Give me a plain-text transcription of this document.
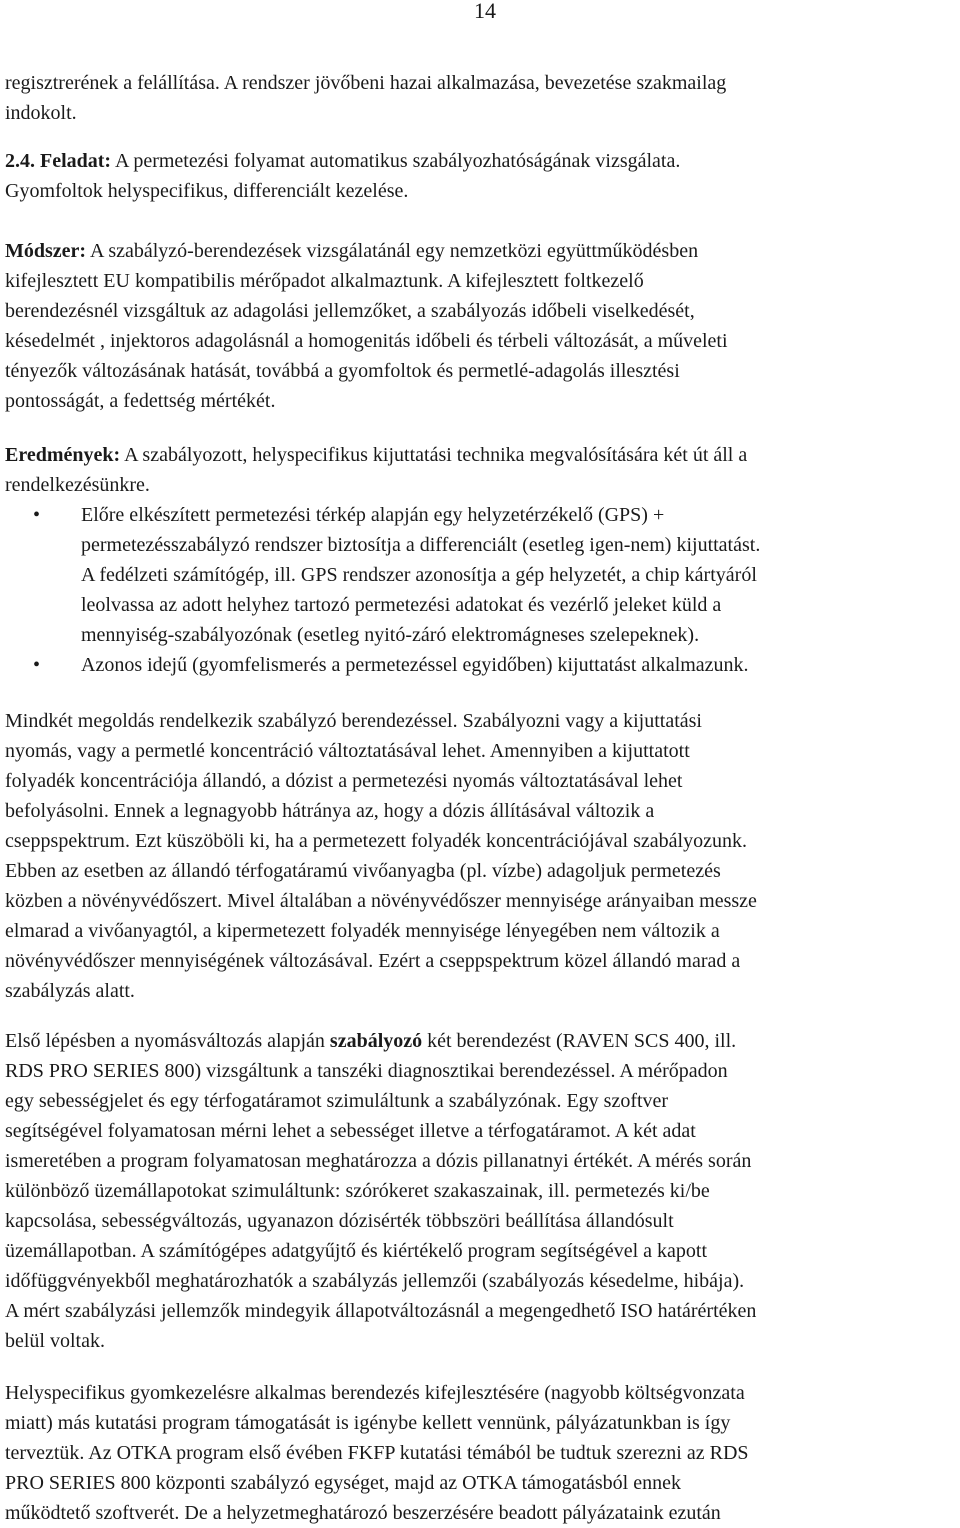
14

regisztrerének a felállítása. A rendszer jövőbeni hazai alkalmazása, bevezetése szakmailag
indokolt.

2.4. Feladat: A permetezési folyamat automatikus szabályozhatóságának vizsgálata.
Gyomfoltok helyspecifikus, differenciált kezelése.

Módszer: A szabályzó-berendezések vizsgálatánál egy nemzetközi együttműködésben
kifejlesztett EU kompatibilis mérőpadot alkalmaztunk. A kifejlesztett foltkezelő
berendezésnél vizsgáltuk az adagolási jellemzőket, a szabályozás időbeli viselkedését,
késedelmét , injektoros adagolásnál a homogenitás időbeli és térbeli változását, a műveleti
tényezők változásának hatását, továbbá a gyomfoltok és permetlé-adagolás illesztési
pontosságát, a fedettség mértékét.

Eredmények: A szabályozott, helyspecifikus kijuttatási technika megvalósítására két út áll a
rendelkezésünkre.

• Előre elkészített permetezési térkép alapján egy helyzetérzékelő (GPS) +
permetezésszabályzó rendszer biztosítja a differenciált (esetleg igen-nem) kijuttatást.
A fedélzeti számítógép, ill. GPS rendszer azonosítja a gép helyzetét, a chip kártyáról
leolvassa az adott helyhez tartozó permetezési adatokat és vezérlő jeleket küld a
mennyiség-szabályozónak (esetleg nyitó-záró elektromágneses szelepeknek).
• Azonos idejű (gyomfelismerés a permetezéssel egyidőben) kijuttatást alkalmazunk.

Mindkét megoldás rendelkezik szabályzó berendezéssel. Szabályozni vagy a kijuttatási
nyomás, vagy a permetlé koncentráció változtatásával lehet. Amennyiben a kijuttatott
folyadék koncentrációja állandó, a dózist a permetezési nyomás változtatásával lehet
befolyásolni. Ennek a legnagyobb hátránya az, hogy a dózis állításával változik a
cseppspektrum. Ezt küszöböli ki, ha a permetezett folyadék koncentrációjával szabályozunk.
Ebben az esetben az állandó térfogatáramú vivőanyagba (pl. vízbe) adagoljuk permetezés
közben a növényvédőszert. Mivel általában a növényvédőszer mennyisége arányaiban messze
elmarad a vivőanyagtól, a kipermetezett folyadék mennyisége lényegében nem változik a
növényvédőszer mennyiségének változásával. Ezért a cseppspektrum közel állandó marad a
szabályzás alatt.

Első lépésben a nyomásváltozás alapján szabályozó két berendezést (RAVEN SCS 400, ill.
RDS PRO SERIES 800) vizsgáltunk a tanszéki diagnosztikai berendezéssel. A mérőpadon
egy sebességjelet és egy térfogatáramot szimuláltunk a szabályzónak. Egy szoftver
segítségével folyamatosan mérni lehet a sebességet illetve a térfogatáramot. A két adat
ismeretében a program folyamatosan meghatározza a dózis pillanatnyi értékét. A mérés során
különböző üzemállapotokat szimuláltunk: szórókeret szakaszainak, ill. permetezés ki/be
kapcsolása, sebességváltozás, ugyanazon dózisérték többszöri beállítása állandósult
üzemállapotban. A számítógépes adatgyűjtő és kiértékelő program segítségével a kapott
időfüggvényekből meghatározhatók a szabályzás jellemzői (szabályozás késedelme, hibája).
A mért szabályzási jellemzők mindegyik állapotváltozásnál a megengedhető ISO határértéken
belül voltak.

Helyspecifikus gyomkezelésre alkalmas berendezés kifejlesztésére (nagyobb költségvonzata
miatt) más kutatási program támogatását is igénybe kellett vennünk, pályázatunkban is így
terveztük. Az OTKA program első évében FKFP kutatási témából be tudtuk szerezni az RDS
PRO SERIES 800 központi szabályzó egységet, majd az OTKA támogatásból ennek
működtető szoftverét. De a helyzetmeghatározó beszerzésére beadott pályázataink ezután
